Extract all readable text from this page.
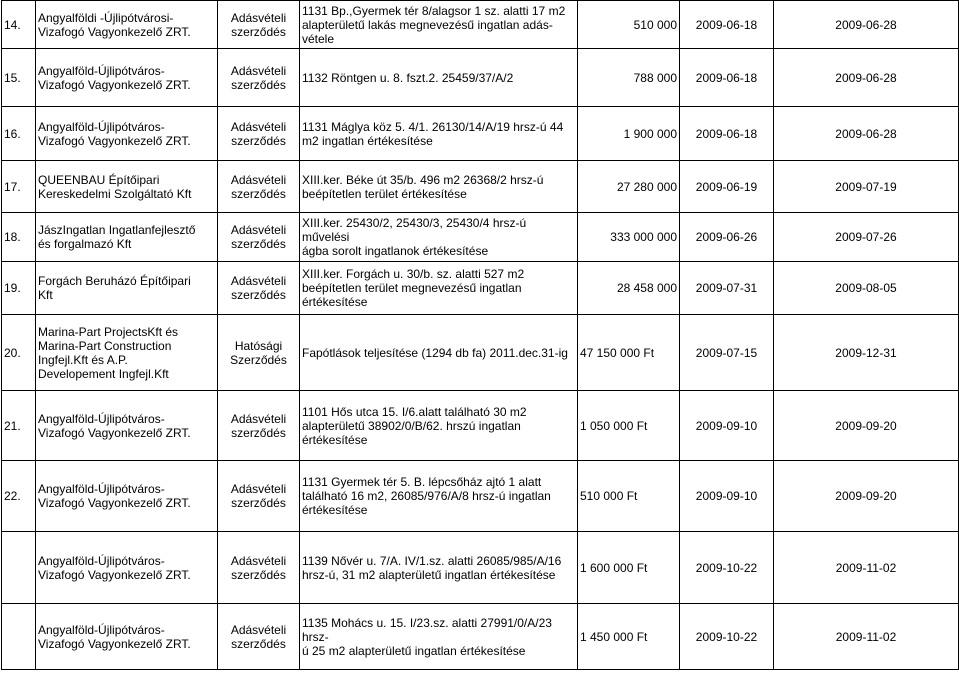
14.	Angyalföldi -Újlipótvárosi-
Vizafogó Vagyonkezelő ZRT.	Adásvételi
szerződés	1131 Bp.,Gyermek tér 8/alagsor 1 sz. alatti 17 m2
alapterületű lakás megnevezésű ingatlan adás-vétele	510 000	2009-06-18	2009-06-28
15.	Angyalföld-Újlipótváros-
Vizafogó Vagyonkezelő ZRT.	Adásvételi
szerződés	1132 Röntgen u. 8. fszt.2. 25459/37/A/2	788 000	2009-06-18	2009-06-28
16.	Angyalföld-Újlipótváros-
Vizafogó Vagyonkezelő ZRT.	Adásvételi
szerződés	1131 Máglya köz 5. 4/1. 26130/14/A/19 hrsz-ú 44
m2 ingatlan értékesítése	1 900 000	2009-06-18	2009-06-28
17.	QUEENBAU Építőipari
Kereskedelmi Szolgáltató Kft	Adásvételi
szerződés	XIII.ker. Béke út 35/b. 496 m2 26368/2 hrsz-ú
beépítetlen terület értékesítése	27 280 000	2009-06-19	2009-07-19
18.	JászIngatlan Ingatlanfejlesztő
és forgalmazó Kft	Adásvételi
szerződés	XIII.ker. 25430/2, 25430/3, 25430/4 hrsz-ú művelési
ágba sorolt ingatlanok értékesítése	333 000 000	2009-06-26	2009-07-26
19.	Forgách Beruházó Építőipari
Kft	Adásvételi
szerződés	XIII.ker. Forgách u. 30/b. sz. alatti 527 m2
beépítetlen terület megnevezésű ingatlan
értékesítése	28 458 000	2009-07-31	2009-08-05
20.	Marina-Part ProjectsKft és
Marina-Part Construction
Ingfejl.Kft és A.P.
Developement Ingfejl.Kft	Hatósági
Szerződés	Fapótlások teljesítése (1294 db fa) 2011.dec.31-ig	47 150 000 Ft	2009-07-15	2009-12-31
21.	Angyalföld-Újlipótváros-
Vizafogó Vagyonkezelő ZRT.	Adásvételi
szerződés	1101 Hős utca 15. I/6.alatt található 30 m2
alapterületű 38902/0/B/62. hrszú ingatlan
értékesítése	1 050 000 Ft	2009-09-10	2009-09-20
22.	Angyalföld-Újlipótváros-
Vizafogó Vagyonkezelő ZRT.	Adásvételi
szerződés	1131 Gyermek tér 5. B. lépcsőház ajtó 1 alatt
található 16 m2, 26085/976/A/8 hrsz-ú ingatlan
értékesítése	510 000 Ft	2009-09-10	2009-09-20
	Angyalföld-Újlipótváros-
Vizafogó Vagyonkezelő ZRT.	Adásvételi
szerződés	1139 Nővér u. 7/A. IV/1.sz. alatti 26085/985/A/16
hrsz-ú, 31 m2 alapterületű ingatlan értékesítése	1 600 000 Ft	2009-10-22	2009-11-02
	Angyalföld-Újlipótváros-
Vizafogó Vagyonkezelő ZRT.	Adásvételi
szerződés	1135 Mohács u. 15. I/23.sz. alatti 27991/0/A/23 hrsz-
ú 25 m2 alapterületű ingatlan értékesítése	1 450 000 Ft	2009-10-22	2009-11-02
